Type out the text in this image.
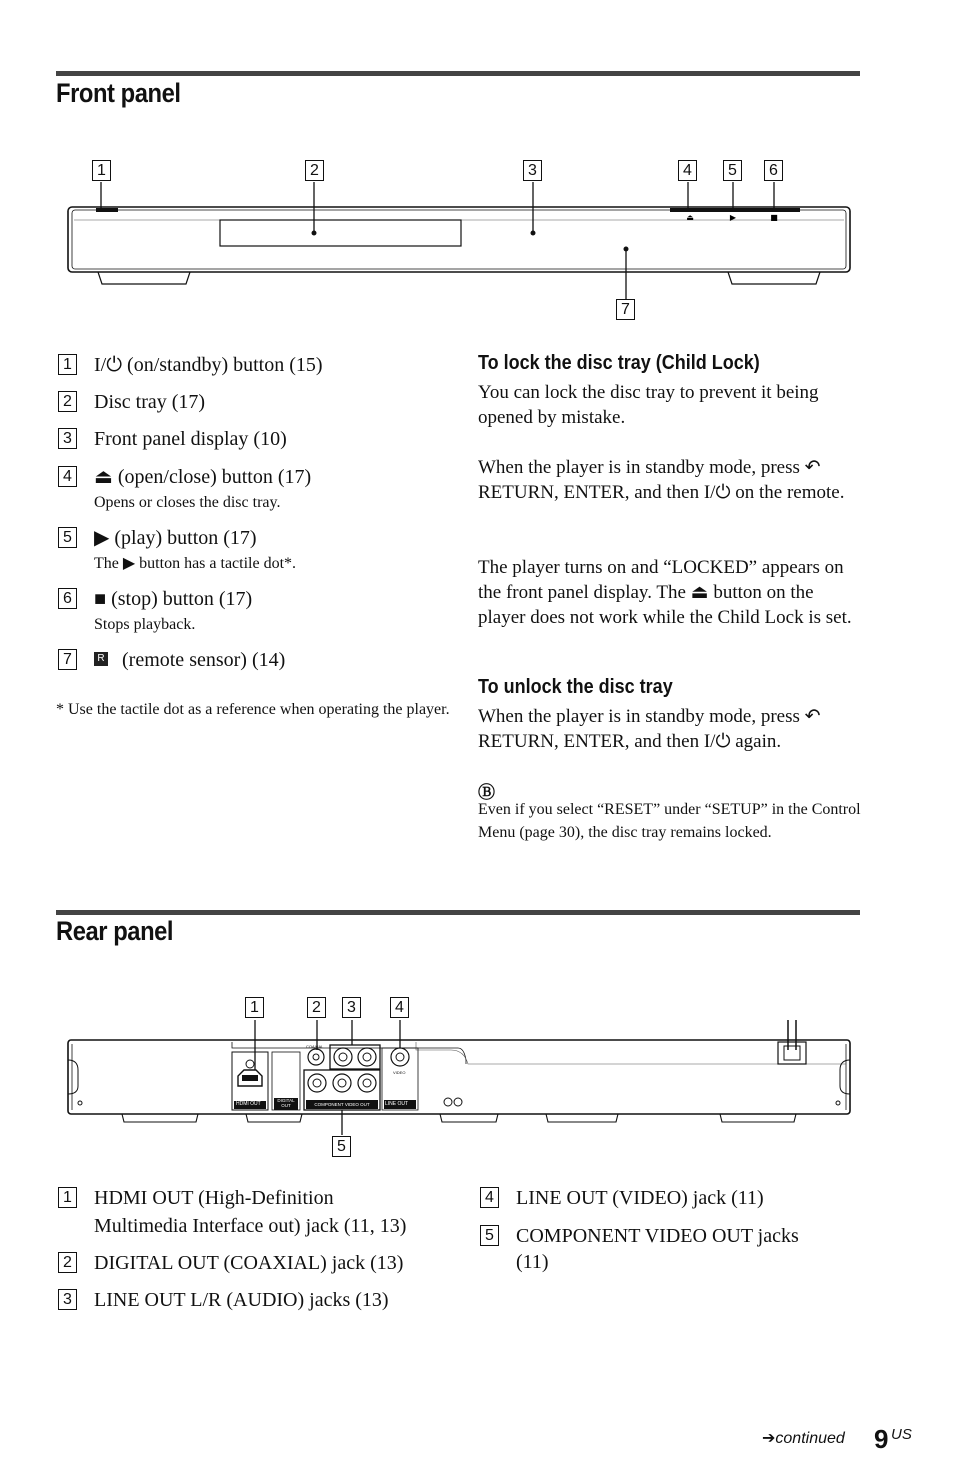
Front panel
⏏	▶	■
1	2	3	4	5	6
7
1 I/⏻ (on/standby) button (15)
2 Disc tray (17)
3 Front panel display (10)
4 ⏏ (open/close) button (17)
Opens or closes the disc tray.
5 ▶ (play) button (17)
The ▶ button has a tactile dot*.
6 ■ (stop) button (17)
Stops playback.
7	R (remote sensor) (14)
* Use the tactile dot as a reference when operating the player.
To lock the disc tray (Child Lock)
You can lock the disc tray to prevent it being opened by mistake.
When the player is in standby mode, press ↶ RETURN, ENTER, and then I/⏻ on the remote.
The player turns on and “LOCKED” appears on the front panel display. The ⏏ button on the player does not work while the Child Lock is set.
To unlock the disc tray
When the player is in standby mode, press ↶ RETURN, ENTER, and then I/⏻ again.
Ⓑ
Even if you select “RESET” under “SETUP” in the Control Menu (page 30), the disc tray remains locked.
Rear panel
HDMI OUT
DIGITAL OUT	COMPONENT VIDEO OUT	LINE OUT
COAXIAL
VIDEO
1	2	3	4
5
1 HDMI OUT (High-Definition
Multimedia Interface out) jack (11, 13)
2 DIGITAL OUT (COAXIAL) jack (13)
3 LINE OUT L/R (AUDIO) jacks (13)
4 LINE OUT (VIDEO) jack (11)
5 COMPONENT VIDEO OUT jacks
(11)
➔continued 9 US
